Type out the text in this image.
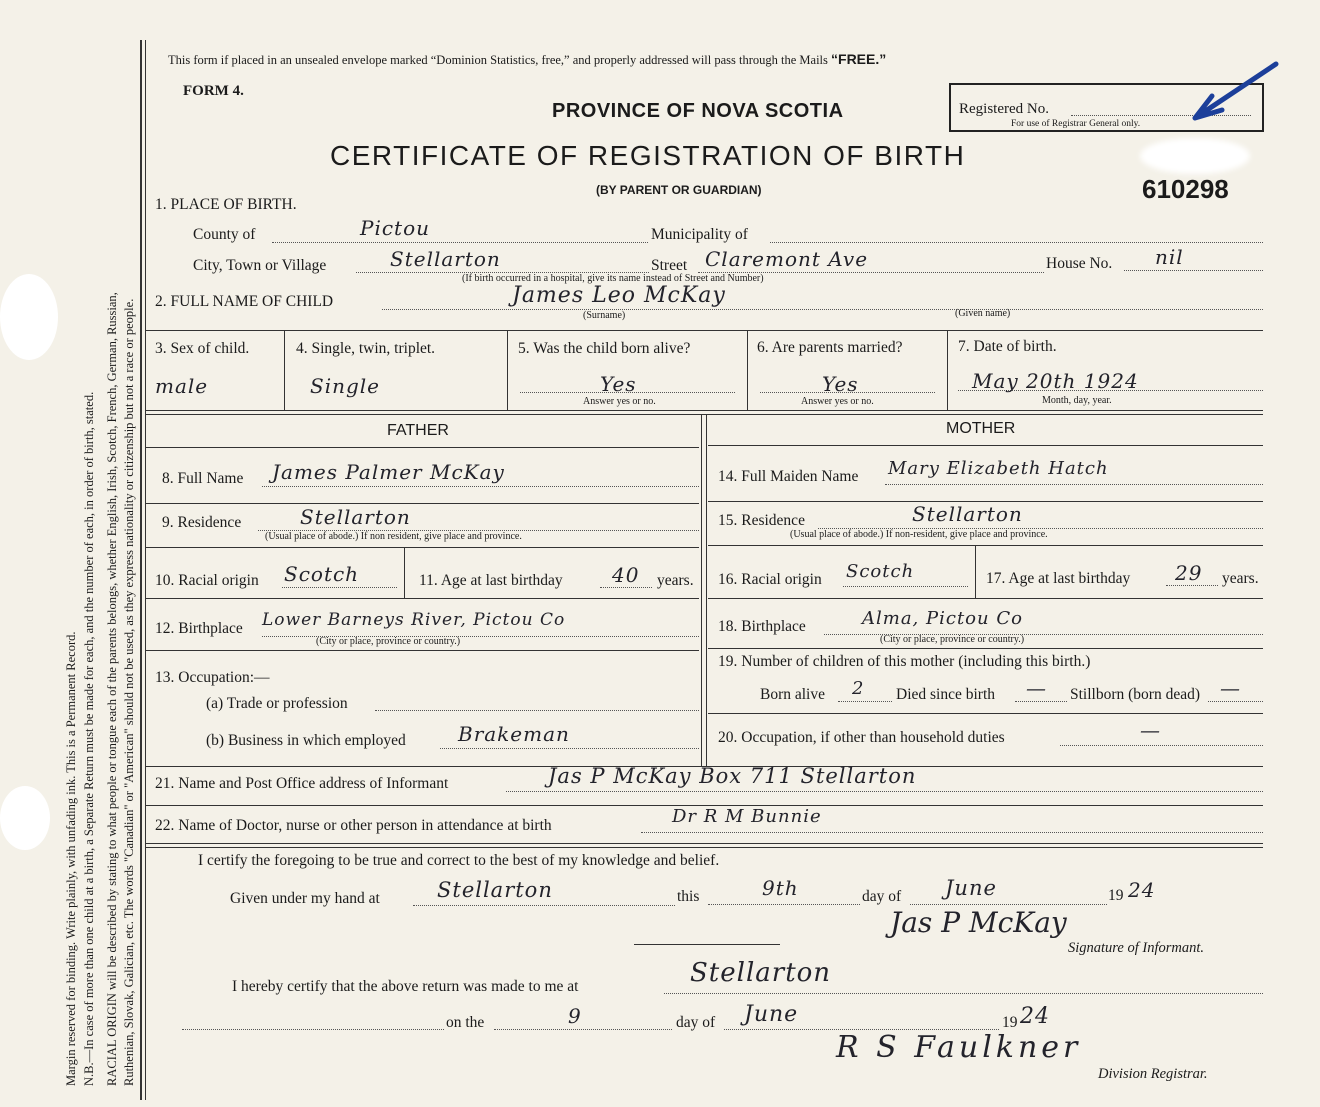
Margin reserved for binding. Write plainly, with unfading ink. This is a Permanent Record. N.B.—In case of more than one child at a birth, a Separate Return must be made for each, and the number of each, in order of birth, stated. RACIAL ORIGIN will be described by stating to what people or tongue each of the parents belongs, whether English, Irish, Scotch, French, German, Russian, Ruthenian, Slovak, Galician, etc. The words "Canadian" or "American" should not be used, as they express nationality or citizenship but not a race or people.
This form if placed in an unsealed envelope marked “Dominion Statistics, free,” and properly addressed will pass through the Mails “FREE.”
FORM 4.
PROVINCE OF NOVA SCOTIA
CERTIFICATE OF REGISTRATION OF BIRTH
(BY PARENT OR GUARDIAN)
Registered No.
For use of Registrar General only.
610298
1. PLACE OF BIRTH.
County of	Pictou	Municipality of
City, Town or Village	Stellarton	Street Claremont Ave	House No. nil
(If birth occurred in a hospital, give its name instead of Street and Number)
2. FULL NAME OF CHILD	James Leo McKay
(Surname)	(Given name)
3. Sex of child.
male
4. Single, twin, triplet.
Single
5. Was the child born alive?
Yes
Answer yes or no.
6. Are parents married?
Yes
Answer yes or no.
7. Date of birth.
May 20th 1924
Month, day, year.
FATHER
8. Full Name James Palmer McKay
9. Residence	Stellarton
(Usual place of abode.) If non resident, give place and province.
10. Racial origin Scotch	11. Age at last birthday 40 years.
12. Birthplace Lower Barneys River, Pictou Co
(City or place, province or country.)
13. Occupation:—
(a) Trade or profession
(b) Business in which employed	Brakeman
MOTHER
14. Full Maiden Name Mary Elizabeth Hatch
15. Residence	Stellarton
(Usual place of abode.) If non-resident, give place and province.
16. Racial origin Scotch	17. Age at last birthday 29 years.
18. Birthplace	Alma, Pictou Co
(City or place, province or country.)
19. Number of children of this mother (including this birth.)
Born alive 2 Died since birth — Stillborn (born dead) —
20. Occupation, if other than household duties	—
21. Name and Post Office address of Informant	Jas P McKay Box 711 Stellarton
22. Name of Doctor, nurse or other person in attendance at birth	Dr R M Bunnie
I certify the foregoing to be true and correct to the best of my knowledge and belief.
Given under my hand at	Stellarton	this	9th	day of June	19 24
Jas P McKay
Signature of Informant.
I hereby certify that the above return was made to me at	Stellarton
on the	9	day of June	19 24
R S Faulkner
Division Registrar.
